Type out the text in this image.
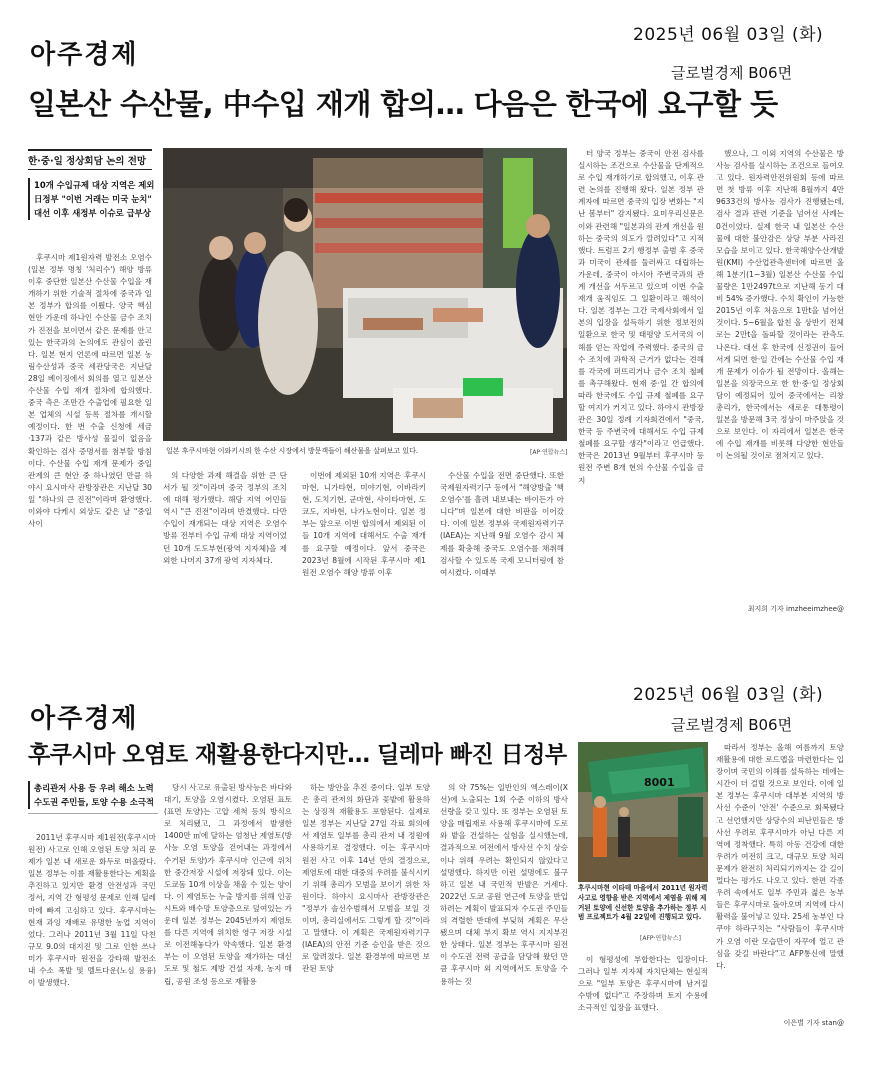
아주경제
2025년 06월 03일 (화)
글로벌경제 B06면
일본산 수산물, 中수입 재개 합의… 다음은 한국에 요구할 듯
한·중·일 정상회담 논의 전망
10개 수입규제 대상 지역은 제외
日정부 "이번 거래는 미국 눈치"
대선 이후 새정부 이슈로 급부상

후쿠시마 제1원자력 발전소 오염수(일본 정부 명칭 '처리수') 해양 방류 이후 중단한 일본산 수산물 수입을 재개하기 위한 기술적 절차에 중국과 일본 정부가 합의를 이뤘다. 양국 핵심 현안 가운데 하나인 수산물 금수 조치가 진전을 보이면서 같은 문제를 안고 있는 한국과의 논의에도 관심이 쏠린다. 일본 현지 언론에 따르면 일본 농림수산성과 중국 세관당국은 지난달 28일 베이징에서 회의를 열고 일본산 수산물 수입 재개 절차에 합의했다. 중국 측은 조만간 수출업에 필요한 일본 업체의 시설 등록 절차를 개시할 예정이다. 한 번 수출 신청에 세금·137과 같은 방사성 물질이 없음을 확인하는 검사 증명서를 첨부할 방침이다. 수산물 수입 재개 문제가 중일 관계의 큰 현안 중 하나였던 만큼 하야시 요시마사 관방장관은 지난달 30일 "하나의 큰 진전"이라며 환영했다. 이와야 다케시 외상도 같은 날 "중일 사이

일본 후쿠시마현 이와키시의 한 수산 시장에서 방문객들이 해산물을 살펴보고 있다.	[AP·연합뉴스]

의 다양한 과제 해결을 위한 큰 단서가 될 것"이라며 중국 정부의 조치에 대해 평가했다. 해당 지역 어민들 역시 "큰 진전"이라며 반겼했다. 다만 수입이 재개되는 대상 지역은 오염수 방류 전부터 수입 규제 대상 지역이었던 10개 도도부현(광역 지자체)을 제외한 나머지 37개 광역 지자체다.

이번에 제외된 10개 지역은 후쿠시마현, 니가타현, 미야기현, 이바라키현, 도치기현, 군마현, 사이타마현, 도쿄도, 지바현, 나가노현이다. 일본 정부는 앞으로 이번 합의에서 제외된 이들 10개 지역에 대해서도 수출 재개를 요구할 예정이다. 앞서 중국은 2023년 8월에 시작된 후쿠시마 제1원전 오염수 해양 방류 이후

수산물 수입을 전면 중단했다. 또한 국제원자력기구 등에서 "해양방출 '핵오염수'를 흘려 내보내는 바이든가 아니다"며 일본에 대한 비판을 이어갔다. 이에 일본 정부와 국제원자력기구(IAEA)는 지난해 9월 오염수 감시 체제를 확충해 중국도 오염수를 채취해 검사할 수 있도록 국제 모니터링에 참여시켰다. 이때부

터 양국 정부는 중국이 안전 검사를 실시하는 조건으로 수산물을 단계적으로 수입 재개하기로 합의했고, 이후 관련 논의를 진행해 왔다. 일본 정부 관계자에 따르면 중국의 입장 변화는 "지난 봄부터" 감지됐다. 요미우리신문은 이와 관련해 "일본과의 관계 개선을 원하는 중국의 의도가 깔려있다"고 지적했다. 트럼프 2기 행정부 출범 후 중국과 미국이 관세를 둘러싸고 대립하는 가운데, 중국이 아시아 주변국과의 관계 개선을 서두르고 있으며 이번 수출 재개 움직임도 그 일환이라고 해석이다. 일본 정부는 그간 국제사회에서 일본의 입장을 설득하기 위한 정보전의 일환으로 한국 및 태평양 도서국의 이해를 얻는 작업에 주력했다. 중국의 금수 조치에 과학적 근거가 없다는 견해를 각국에 퍼뜨리거나 금수 조치 철폐를 촉구해왔다. 현재 중·일 간 합의에 따라 한국에도 수입 규제 철폐를 요구할 여지가 커지고 있다. 하야시 관방장관은 30일 정례 기자회견에서 "중국, 한국 등 주변국에 대해서도 수입 규제 철폐를 요구할 생각"이라고 언급했다. 한국은 2013년 9월부터 후쿠시마 등 원전 주변 8개 현의 수산물 수입을 금지

했으나, 그 이외 지역의 수산물은 방사능 검사를 실시하는 조건으로 들여오고 있다. 원자력안전위원회 등에 따르면 첫 방류 이후 지난해 8월까지 4만9633건의 방사능 검사가 진행됐는데, 검사 결과 관련 기준을 넘어선 사례는 0건이었다. 실제 한국 내 일본산 수산물에 대한 불안감은 상당 부분 사라진 모습을 보이고 있다. 한국해양수산개발원(KMI) 수산업관측센터에 따르면 올해 1분기(1~3월) 일본산 수산물 수입 물량은 1만2497t으로 지난해 동기 대비 54% 증가했다. 수치 확인이 가능한 2015년 이후 처음으로 1만t을 넘어선 것이다. 5~6월을 합친 올 상반기 전체로는 2만t을 돌파할 것이라는 관측도 나온다. 대선 후 한국에 신정권이 들어서게 되면 한·일 간에는 수산물 수입 재개 문제가 이슈가 될 전망이다. 올해는 일본을 의장국으로 한 한·중·일 정상회담이 예정되어 있어 중국에서는 리창 총리가, 한국에서는 새로운 대통령이 일본을 방문해 3국 정상이 마주앉을 것으로 보인다. 이 자리에서 일본은 한국에 수입 재개를 비롯해 다양한 현안들이 논의될 것이로 점쳐지고 있다.

최지희 기자 imzheeimzhee@
아주경제
2025년 06월 03일 (화)
글로벌경제 B06면
후쿠시마 오염토 재활용한다지만… 딜레마 빠진 日정부
총리관저 사용 등 우려 해소 노력
수도권 주민들, 토양 수용 소극적

2011년 후쿠시마 제1원전(후쿠시마원전) 사고로 인해 오염된 토양 처리 문제가 일본 내 새로운 화두로 떠올랐다. 일본 정부는 이를 재활용한다는 계획을 추진하고 있지만 환경 안전성과 국민 정서, 지역 간 형평성 문제로 인해 딜레마에 빠져 고심하고 있다. 후쿠시마는 현재 과잉 재배로 유명한 농업 지역이었다. 그러나 2011년 3월 11일 닥친 규모 9.0의 대지진 및 그로 인한 쓰나미가 후쿠시마 원전을 강타해 발전소 내 수소 폭발 및 멜트다운(노심 용융)이 발생했다.

당시 사고로 유출된 방사능은 바다와 대기, 토양을 오염시켰다. 오염된 표토(표면 토양)는 고압 세척 등의 방식으로 처리됐고, 그 과정에서 발생한 1400만 ㎥에 달하는 엄청난 제염토(방사능 오염 토양을 걷어내는 과정에서 수거된 토양)가 후쿠시마 인근에 위치한 중간저장 시설에 저장돼 있다. 이는 도쿄돔 10개 이상을 채울 수 있는 양이다. 이 제염토는 누출 방지를 위해 인공시트와 배수망 토양층으로 덮여있는 가운데 일본 정부는 2045년까지 제염토를 다른 지역에 위치한 영구 저장 시설로 이전해놓다가 약속했다. 일본 환경부는 이 오염된 토양을 재가하는 대신 도로 및 철도 제방 건설 자재, 농지 매립, 공원 조성 등으로 재활용

하는 방안을 추진 중이다. 일부 토양은 총리 관저의 화단과 꽃밭에 활용하는 상징적 재활용도 포함된다. 실제로 일본 정부는 지난달 27일 각료 회의에서 제염토 일부를 총리 관저 내 정원에 사용하기로 결정했다. 이는 후쿠시마 원전 사고 이후 14년 만의 결정으로, 제염토에 대한 대중의 우려를 불식시키기 위해 총리가 모범을 보이기 위한 차원이다. 하야시 요시마사 관방장관은 "정부가 솔선수범해서 모범을 보일 것이며, 총리실에서도 그렇게 할 것"이라고 말했다. 이 계획은 국제원자력기구(IAEA)의 안전 기준 승인을 받은 것으로 알려졌다. 일본 환경부에 따르면 보관된 토양

의 약 75%는 일반인의 엑스레이(X선)에 노출되는 1회 수준 이하의 방사선량을 갖고 있다. 또 정부는 오염된 토양을 매립재로 사용해 후쿠시마에 도로와 밭을 건설하는 실험을 실시했는데, 결과적으로 여전에서 방사선 수치 상승이나 위해 우려는 확인되지 않았다고 설명했다. 하지만 이런 설명에도 불구하고 일본 내 국민적 반발은 거세다. 2022년 도쿄 공원 연근에 토양을 반입하려는 계획이 발표되자 수도권 주민들의 격렬한 반대에 부딪혀 계획은 무산됐으며 대체 부지 확보 역시 지지부진한 상태다. 일본 정부는 후쿠시마 원전이 수도권 전력 공급을 담당해 왔던 만큼 후쿠시마 외 지역에서도 토양을 수용하는 것

8001
후쿠시마현 이타테 마을에서 2011년 원자력 사고로 영향을 받은 지역에서 제염을 위해 제거된 토양에 신선한 토양을 추가하는 정부 시범 프로젝트가 4월 22일에 진행되고 있다.
[AFP·연합뉴스]

이 형평성에 부합한다는 입장이다. 그러나 일부 지자체 자치단체는 현실적으로 "일부 토양은 후쿠시마에 남겨질 수밖에 없다"고 주장하며 토지 수용에 소극적인 입장을 표했다.

따라서 정부는 올해 여름까지 토양 재활용에 대한 로드맵을 마련한다는 입장이며 국민의 이해를 설득하는 데에는 시간이 더 걸릴 것으로 보인다. 이에 일본 정부는 후쿠시마 대부분 지역의 방사선 수준이 '안전' 수준으로 회복됐다고 선언했지만 상당수의 피난민들은 방사선 우려로 후쿠시마가 아닌 다른 지역에 정착했다. 특히 아동 건강에 대한 우려가 여전히 크고, 대규모 토양 처리 문제가 완전히 처리되기까지는 갈 길이 멀다는 평가도 나오고 있다. 한편 각종 우려 속에서도 일부 주민과 젊은 농부들은 후쿠시마로 돌아오며 지역에 다시 활력을 불어넣고 있다. 25세 농부인 다쿠야 하라구치는 "사람들이 후쿠시마가 오염 이란 모습만이 자꾸에 얼고 관심을 갖길 바란다"고 AFP통신에 말했다.

이은별 기자 stan@
